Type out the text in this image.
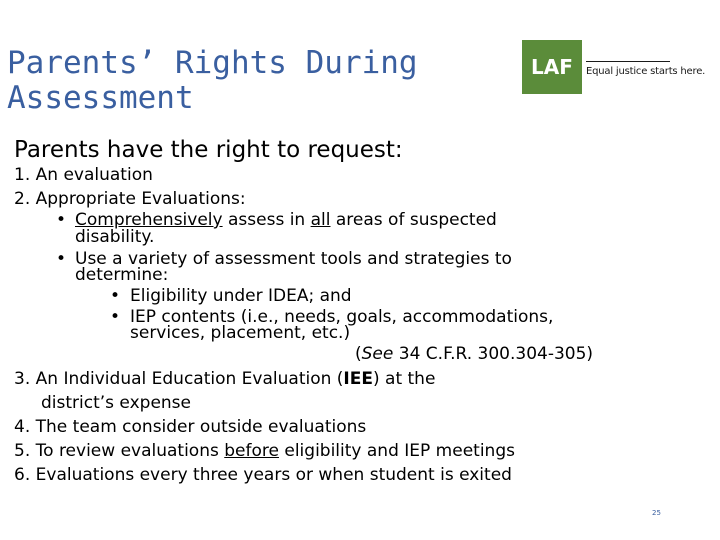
Parents’ Rights During
Assessment
LAF	Equal justice starts here.
Parents have the right to request:
1. An evaluation
2. Appropriate Evaluations:
• Comprehensively assess in all areas of suspected
disability.
• Use a variety of assessment tools and strategies to
determine:
• Eligibility under IDEA; and
• IEP contents (i.e., needs, goals, accommodations,
services, placement, etc.)
(See 34 C.F.R. 300.304-305)
3. An Individual Education Evaluation (IEE) at the
district’s expense
4. The team consider outside evaluations
5. To review evaluations before eligibility and IEP meetings
6. Evaluations every three years or when student is exited
25
